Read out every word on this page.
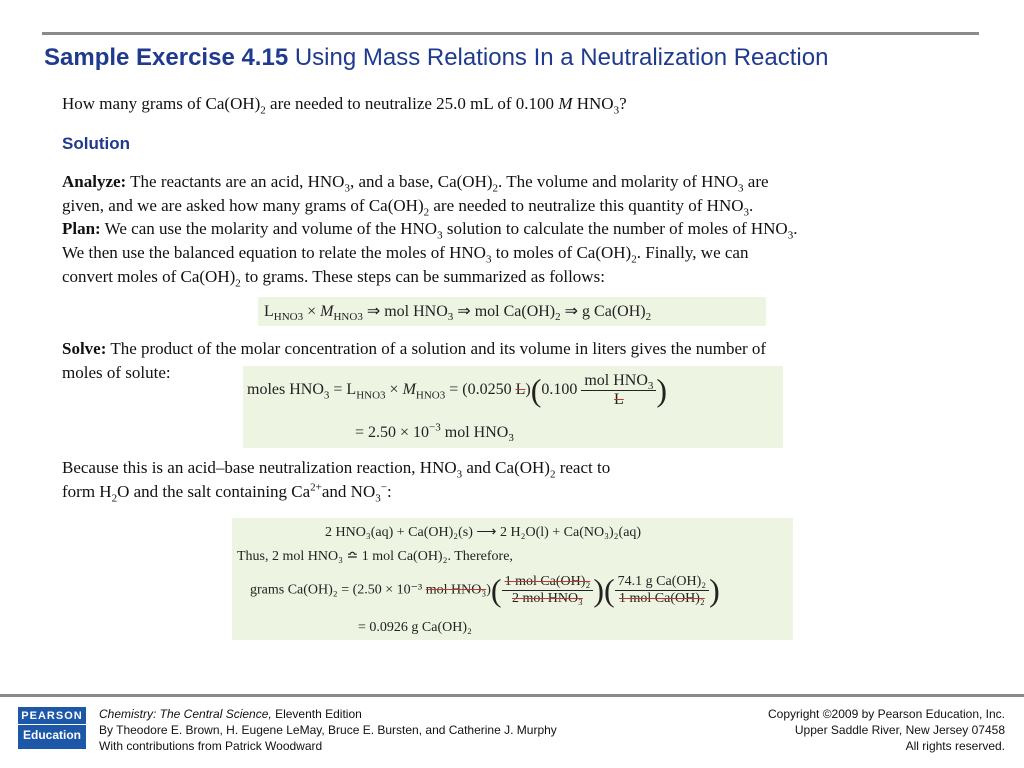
Sample Exercise 4.15 Using Mass Relations In a Neutralization Reaction
How many grams of $Ca(OH)_2$ are needed to neutralize 25.0 mL of 0.100 M $HNO_3$?
Solution
Analyze: The reactants are an acid, $HNO_3$, and a base, $Ca(OH)_2$. The volume and molarity of $HNO_3$ are
given, and we are asked how many grams of $Ca(OH)_2$ are needed to neutralize this quantity of $HNO_3$.
Plan: We can use the molarity and volume of the $HNO_3$ solution to calculate the number of moles of $HNO_3$.
We then use the balanced equation to relate the moles of $HNO_3$ to moles of $Ca(OH)_2$. Finally, we can
convert moles of $Ca(OH)_2$ to grams. These steps can be summarized as follows:
$L_{HNO3} \times M_{HNO3}$ ⇒ mol $HNO_3$ ⇒ mol $Ca(OH)_2$ ⇒ g $Ca(OH)_2$
Solve: The product of the molar concentration of a solution and its volume in liters gives the number of
moles of solute:
moles $HNO_3 = L_{HNO3} \times M_{HNO3} = (0.0250$ $L)(0.100 \frac{mol HNO_3}{L}$ )
= $2.50 \times 10^{-3}$ mol $HNO_3$
Because this is an acid–base neutralization reaction, $HNO_3$ and $Ca(OH)_2$ react to
form $H_2O$ and the salt containing $Ca^{2+}and$ $NO_3^-$:
2 HNO₃(aq) + Ca(OH)₂(s) ⟶ 2 H₂O(l) + Ca(NO₃)₂(aq)
Thus, 2 mol HNO₃ ≏ 1 mol Ca(OH)₂. Therefore,
grams Ca(OH)₂ = (2.50 × 10⁻³ mol $HNO_3)( \frac{\text{1 mol Ca(OH)₂}}{\text{2 mol HNO₃}}$ )( $\frac{\text{74.1 g Ca(OH)₂}}{\text{1 mol Ca(OH)₂}}$ )
= 0.0926 g Ca(OH)₂
PEARSON
Education
Chemistry: The Central Science, Eleventh Edition
By Theodore E. Brown, H. Eugene LeMay, Bruce E. Bursten, and Catherine J. Murphy
With contributions from Patrick Woodward
Copyright ©2009 by Pearson Education, Inc.
Upper Saddle River, New Jersey 07458
All rights reserved.
